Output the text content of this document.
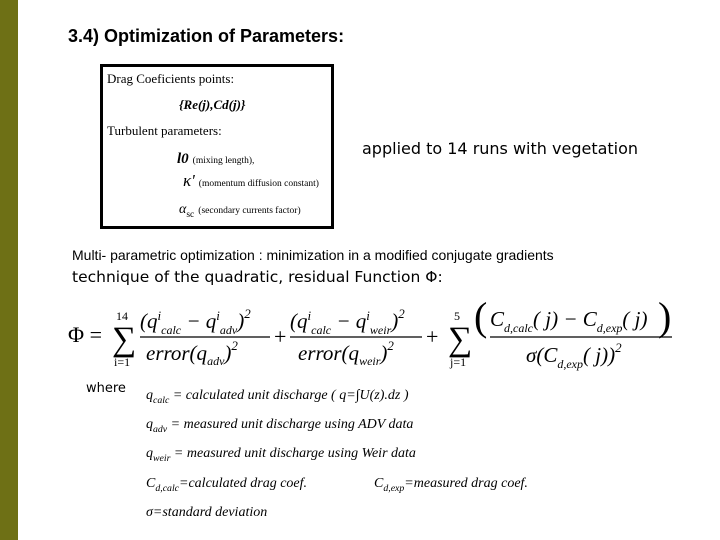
3.4) Optimization of Parameters:
Drag Coeficients points:
{Re(j),Cd(j)}
Turbulent parameters:
l0 (mixing length),
κ' (momentum diffusion constant)
$\alpha_{sc}$ (secondary currents factor)
applied to 14 runs with vegetation
Multi- parametric optimization : minimization in a modified conjugate gradients
technique of the quadratic, residual Function Φ:
Φ =
14
∑
i=1
$(q^i_{calc} - q^i_{adv})^2$
$error(q_{adv})^2$ +
$(q^i_{calc} - q^i_{weir})^2$
$error(q_{weir})^2$ +
5
∑
j=1
( $C_{d,calc}$( $j) - C_{d,exp}$( j) )
$\sigma(C_{d,exp}$( j))$^2$
where $q_{calc}$ = calculated unit discharge ( q=∫U(z).dz )
$q_{adv}$ = measured unit discharge using ADV data
$q_{weir}$ = measured unit discharge using Weir data
$C_{d,calc}=calculated$ drag coef.	$C_{d,exp}=measured$ drag coef.
σ=standard deviation
